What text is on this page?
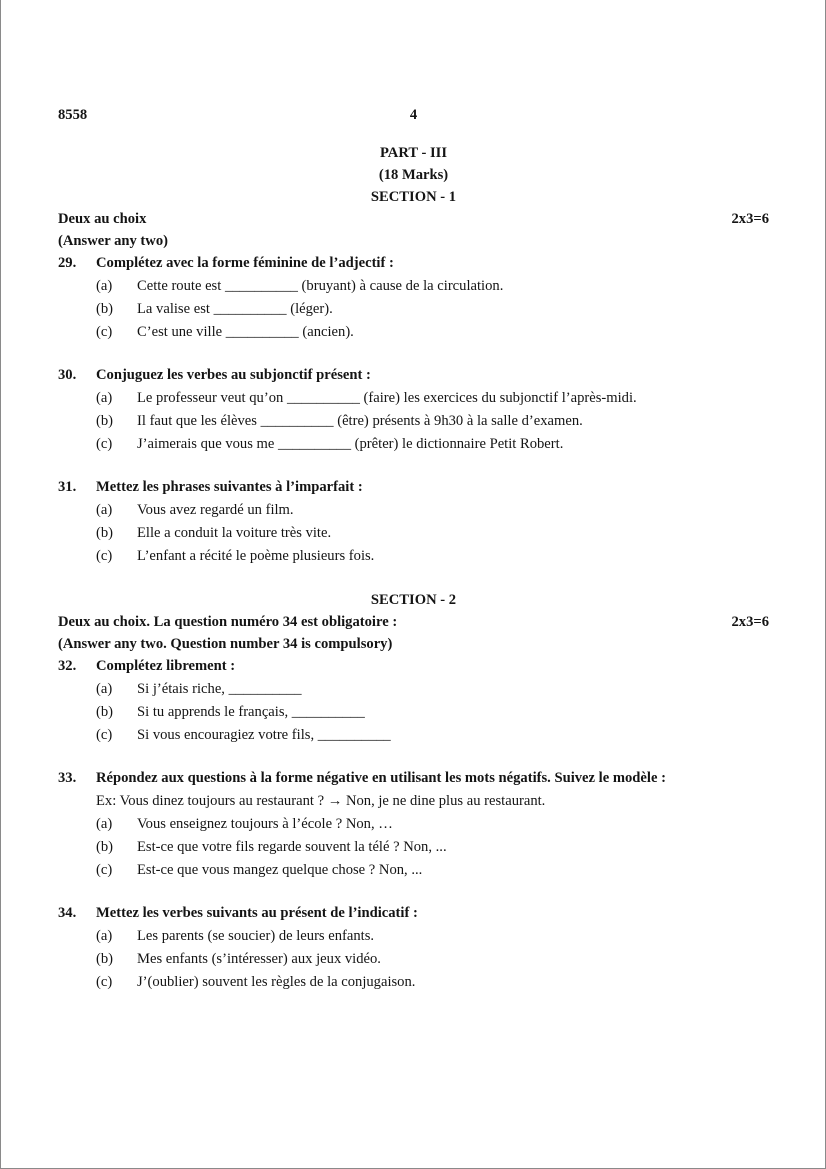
8558	4
PART - III
(18 Marks)
SECTION - 1
Deux au choix	2x3=6
(Answer any two)
29.	Complétez avec la forme féminine de l’adjectif :
(a)	Cette route est __________ (bruyant) à cause de la circulation.
(b)	La valise est __________ (léger).
(c)	C’est une ville __________ (ancien).
30.	Conjuguez les verbes au subjonctif présent :
(a)	Le professeur veut qu’on __________ (faire) les exercices du subjonctif l’après-midi.
(b)	Il faut que les élèves __________ (être) présents à 9h30 à la salle d’examen.
(c)	J’aimerais que vous me __________ (prêter) le dictionnaire Petit Robert.
31.	Mettez les phrases suivantes à l’imparfait :
(a)	Vous avez regardé un film.
(b)	Elle a conduit la voiture très vite.
(c)	L’enfant a récité le poème plusieurs fois.
SECTION - 2
Deux au choix. La question numéro 34 est obligatoire :	2x3=6
(Answer any two. Question number 34 is compulsory)
32.	Complétez librement :
(a)	Si j’étais riche, __________
(b)	Si tu apprends le français, __________
(c)	Si vous encouragiez votre fils, __________
33.	Répondez aux questions à la forme négative en utilisant les mots négatifs. Suivez le modèle :
Ex: Vous dinez toujours au restaurant ? → Non, je ne dine plus au restaurant.
(a)	Vous enseignez toujours à l’école ? Non, …
(b)	Est-ce que votre fils regarde souvent la télé ? Non, ...
(c)	Est-ce que vous mangez quelque chose ? Non, ...
34.	Mettez les verbes suivants au présent de l’indicatif :
(a)	Les parents (se soucier) de leurs enfants.
(b)	Mes enfants (s’intéresser) aux jeux vidéo.
(c)	J’(oublier) souvent les règles de la conjugaison.
